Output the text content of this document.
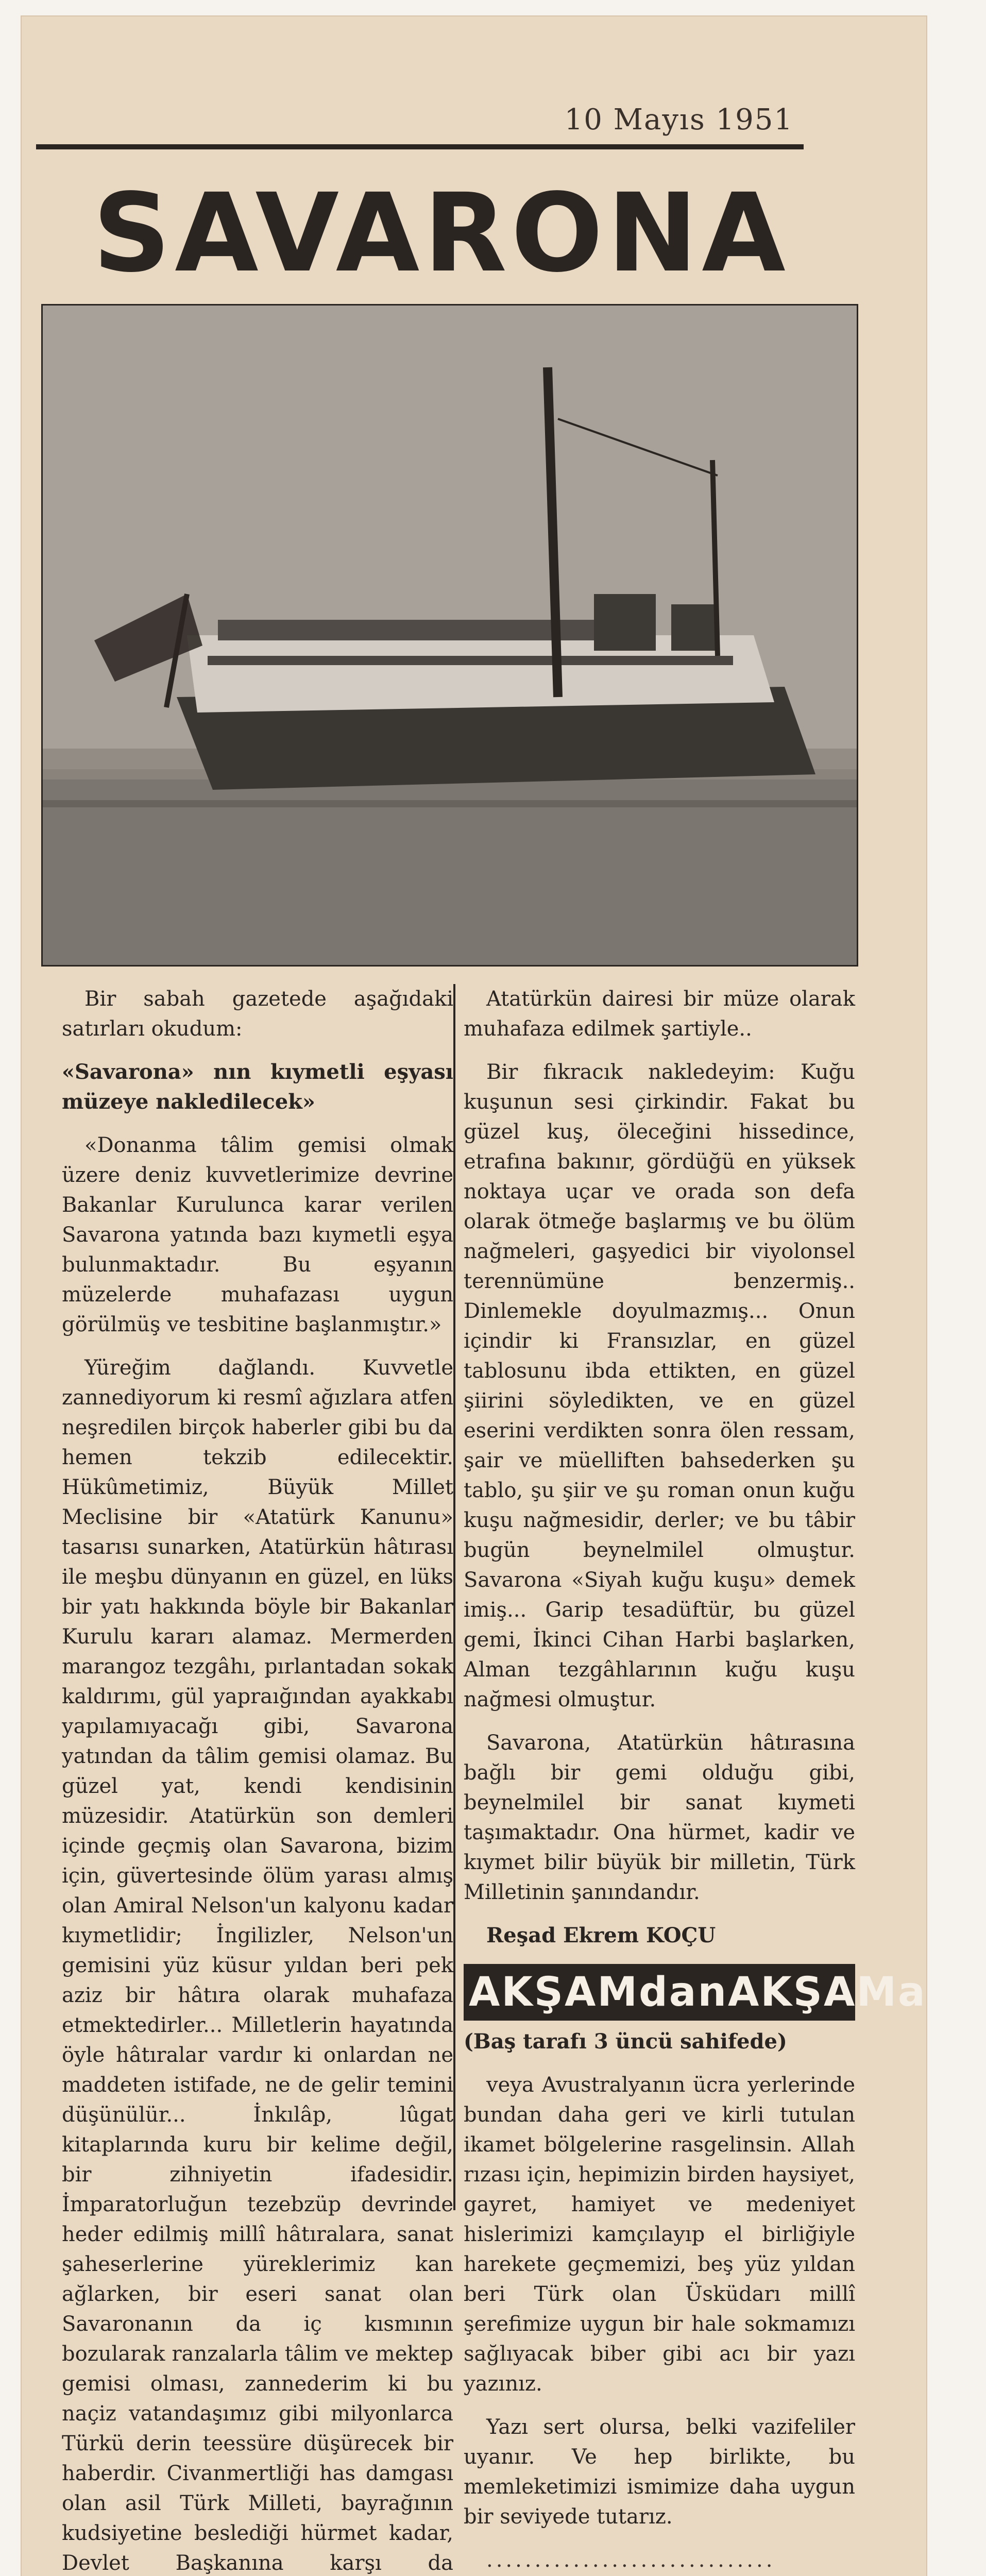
10 Mayıs 1951
SAVARONA

Bir sabah gazetede aşağıdaki satırları okudum:

«Savarona» nın kıymetli eşyası müzeye nakledilecek»

«Donanma tâlim gemisi olmak üzere deniz kuvvetlerimize devrine Bakanlar Kurulunca karar verilen Savarona yatında bazı kıymetli eşya bulunmaktadır. Bu eşyanın müzelerde muhafazası uygun görülmüş ve tesbitine başlanmıştır.»

Yüreğim dağlandı. Kuvvetle zannediyorum ki resmî ağızlara atfen neşredilen birçok haberler gibi bu da hemen tekzib edilecektir. Hükûmetimiz, Büyük Millet Meclisine bir «Atatürk Kanunu» tasarısı sunarken, Atatürkün hâtırası ile meşbu dünyanın en güzel, en lüks bir yatı hakkında böyle bir Bakanlar Kurulu kararı alamaz. Mermerden marangoz tezgâhı, pırlantadan sokak kaldırımı, gül yapraığından ayakkabı yapılamıyacağı gibi, Savarona yatından da tâlim gemisi olamaz. Bu güzel yat, kendi kendisinin müzesidir. Atatürkün son demleri içinde geçmiş olan Savarona, bizim için, güvertesinde ölüm yarası almış olan Amiral Nelson'un kalyonu kadar kıymetlidir; İngilizler, Nelson'un gemisini yüz küsur yıldan beri pek aziz bir hâtıra olarak muhafaza etmektedirler... Milletlerin hayatında öyle hâtıralar vardır ki onlardan ne maddeten istifade, ne de gelir temini düşünülür... İnkılâp, lûgat kitaplarında kuru bir kelime değil, bir zihniyetin ifadesidir. İmparatorluğun tezebzüp devrinde heder edilmiş millî hâtıralara, sanat şaheserlerine yüreklerimiz kan ağlarken, bir eseri sanat olan Savaronanın da iç kısmının bozularak ranzalarla tâlim ve mektep gemisi olması, zannederim ki bu naçiz vatandaşımız gibi milyonlarca Türkü derin teessüre düşürecek bir haberdir. Civanmertliği has damgası olan asil Türk Milleti, bayrağının kudsiyetine beslediği hürmet kadar, Devlet Başkanına karşı da

Atatürkün dairesi bir müze olarak muhafaza edilmek şartiyle..

Bir fıkracık nakledeyim: Kuğu kuşunun sesi çirkindir. Fakat bu güzel kuş, öleceğini hissedince, etrafına bakınır, gördüğü en yüksek noktaya uçar ve orada son defa olarak ötmeğe başlarmış ve bu ölüm nağmeleri, gaşyedici bir viyolonsel terennümüne benzermiş.. Dinlemekle doyulmazmış... Onun içindir ki Fransızlar, en güzel tablosunu ibda ettikten, en güzel şiirini söyledikten, ve en güzel eserini verdikten sonra ölen ressam, şair ve müelliften bahsederken şu tablo, şu şiir ve şu roman onun kuğu kuşu nağmesidir, derler; ve bu tâbir bugün beynelmilel olmuştur. Savarona «Siyah kuğu kuşu» demek imiş... Garip tesadüftür, bu güzel gemi, İkinci Cihan Harbi başlarken, Alman tezgâhlarının kuğu kuşu nağmesi olmuştur.

Savarona, Atatürkün hâtırasına bağlı bir gemi olduğu gibi, beynelmilel bir sanat kıymeti taşımaktadır. Ona hürmet, kadir ve kıymet bilir büyük bir milletin, Türk Milletinin şanındandır.

Reşad Ekrem KOÇU

AKŞAMdanAKŞAMa

(Baş tarafı 3 üncü sahifede)

veya Avustralyanın ücra yerlerinde bundan daha geri ve kirli tutulan ikamet bölgelerine rasgelinsin. Allah rızası için, hepimizin birden haysiyet, gayret, hamiyet ve medeniyet hislerimizi kamçılayıp el birliğiyle harekete geçmemizi, beş yüz yıldan beri Türk olan Üsküdarı millî şerefimize uygun bir hale sokmamızı sağlıyacak biber gibi acı bir yazı yazınız.

Yazı sert olursa, belki vazifeliler uyanır. Ve hep birlikte, bu memleketimizi ismimize daha uygun bir seviyede tutarız.

..............................
